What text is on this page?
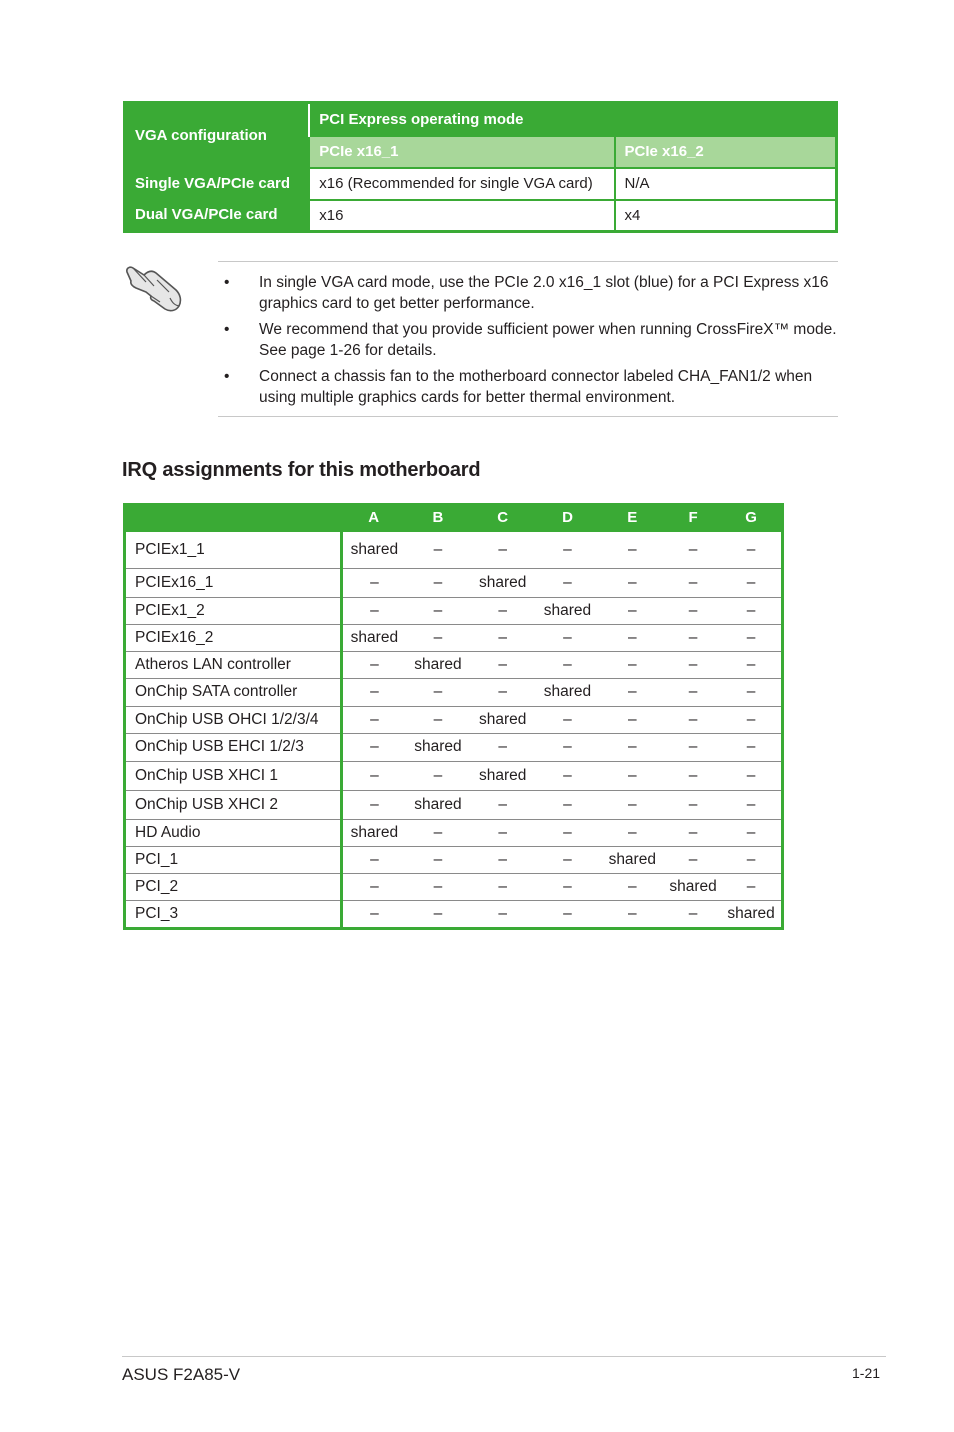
VGA configuration	PCI Express operating mode	
	PCIe x16_1	PCIe x16_2
Single VGA/PCIe card	x16 (Recommended for single VGA card)	N/A
Dual VGA/PCIe card	x16	x4
• In single VGA card mode, use the PCIe 2.0 x16_1 slot (blue) for a PCI Express x16 graphics card to get better performance.
• We recommend that you provide sufficient power when running CrossFireX™ mode. See page 1-26 for details.
• Connect a chassis fan to the motherboard connector labeled CHA_FAN1/2 when using multiple graphics cards for better thermal environment.
IRQ assignments for this motherboard
	A	B	C	D	E	F	G
PCIEx1_1	shared	–	–	–	–	–	–
PCIEx16_1	–	–	shared	–	–	–	–
PCIEx1_2	–	–	–	shared	–	–	–
PCIEx16_2	shared	–	–	–	–	–	–
Atheros LAN controller	–	shared	–	–	–	–	–
OnChip SATA controller	–	–	–	shared	–	–	–
OnChip USB OHCI 1/2/3/4	–	–	shared	–	–	–	–
OnChip USB EHCI 1/2/3	–	shared	–	–	–	–	–
OnChip USB XHCI 1	–	–	shared	–	–	–	–
OnChip USB XHCI 2	–	shared	–	–	–	–	–
HD Audio	shared	–	–	–	–	–	–
PCI_1	–	–	–	–	shared	–	–
PCI_2	–	–	–	–	–	shared	–
PCI_3	–	–	–	–	–	–	shared
ASUS F2A85-V	1-21
